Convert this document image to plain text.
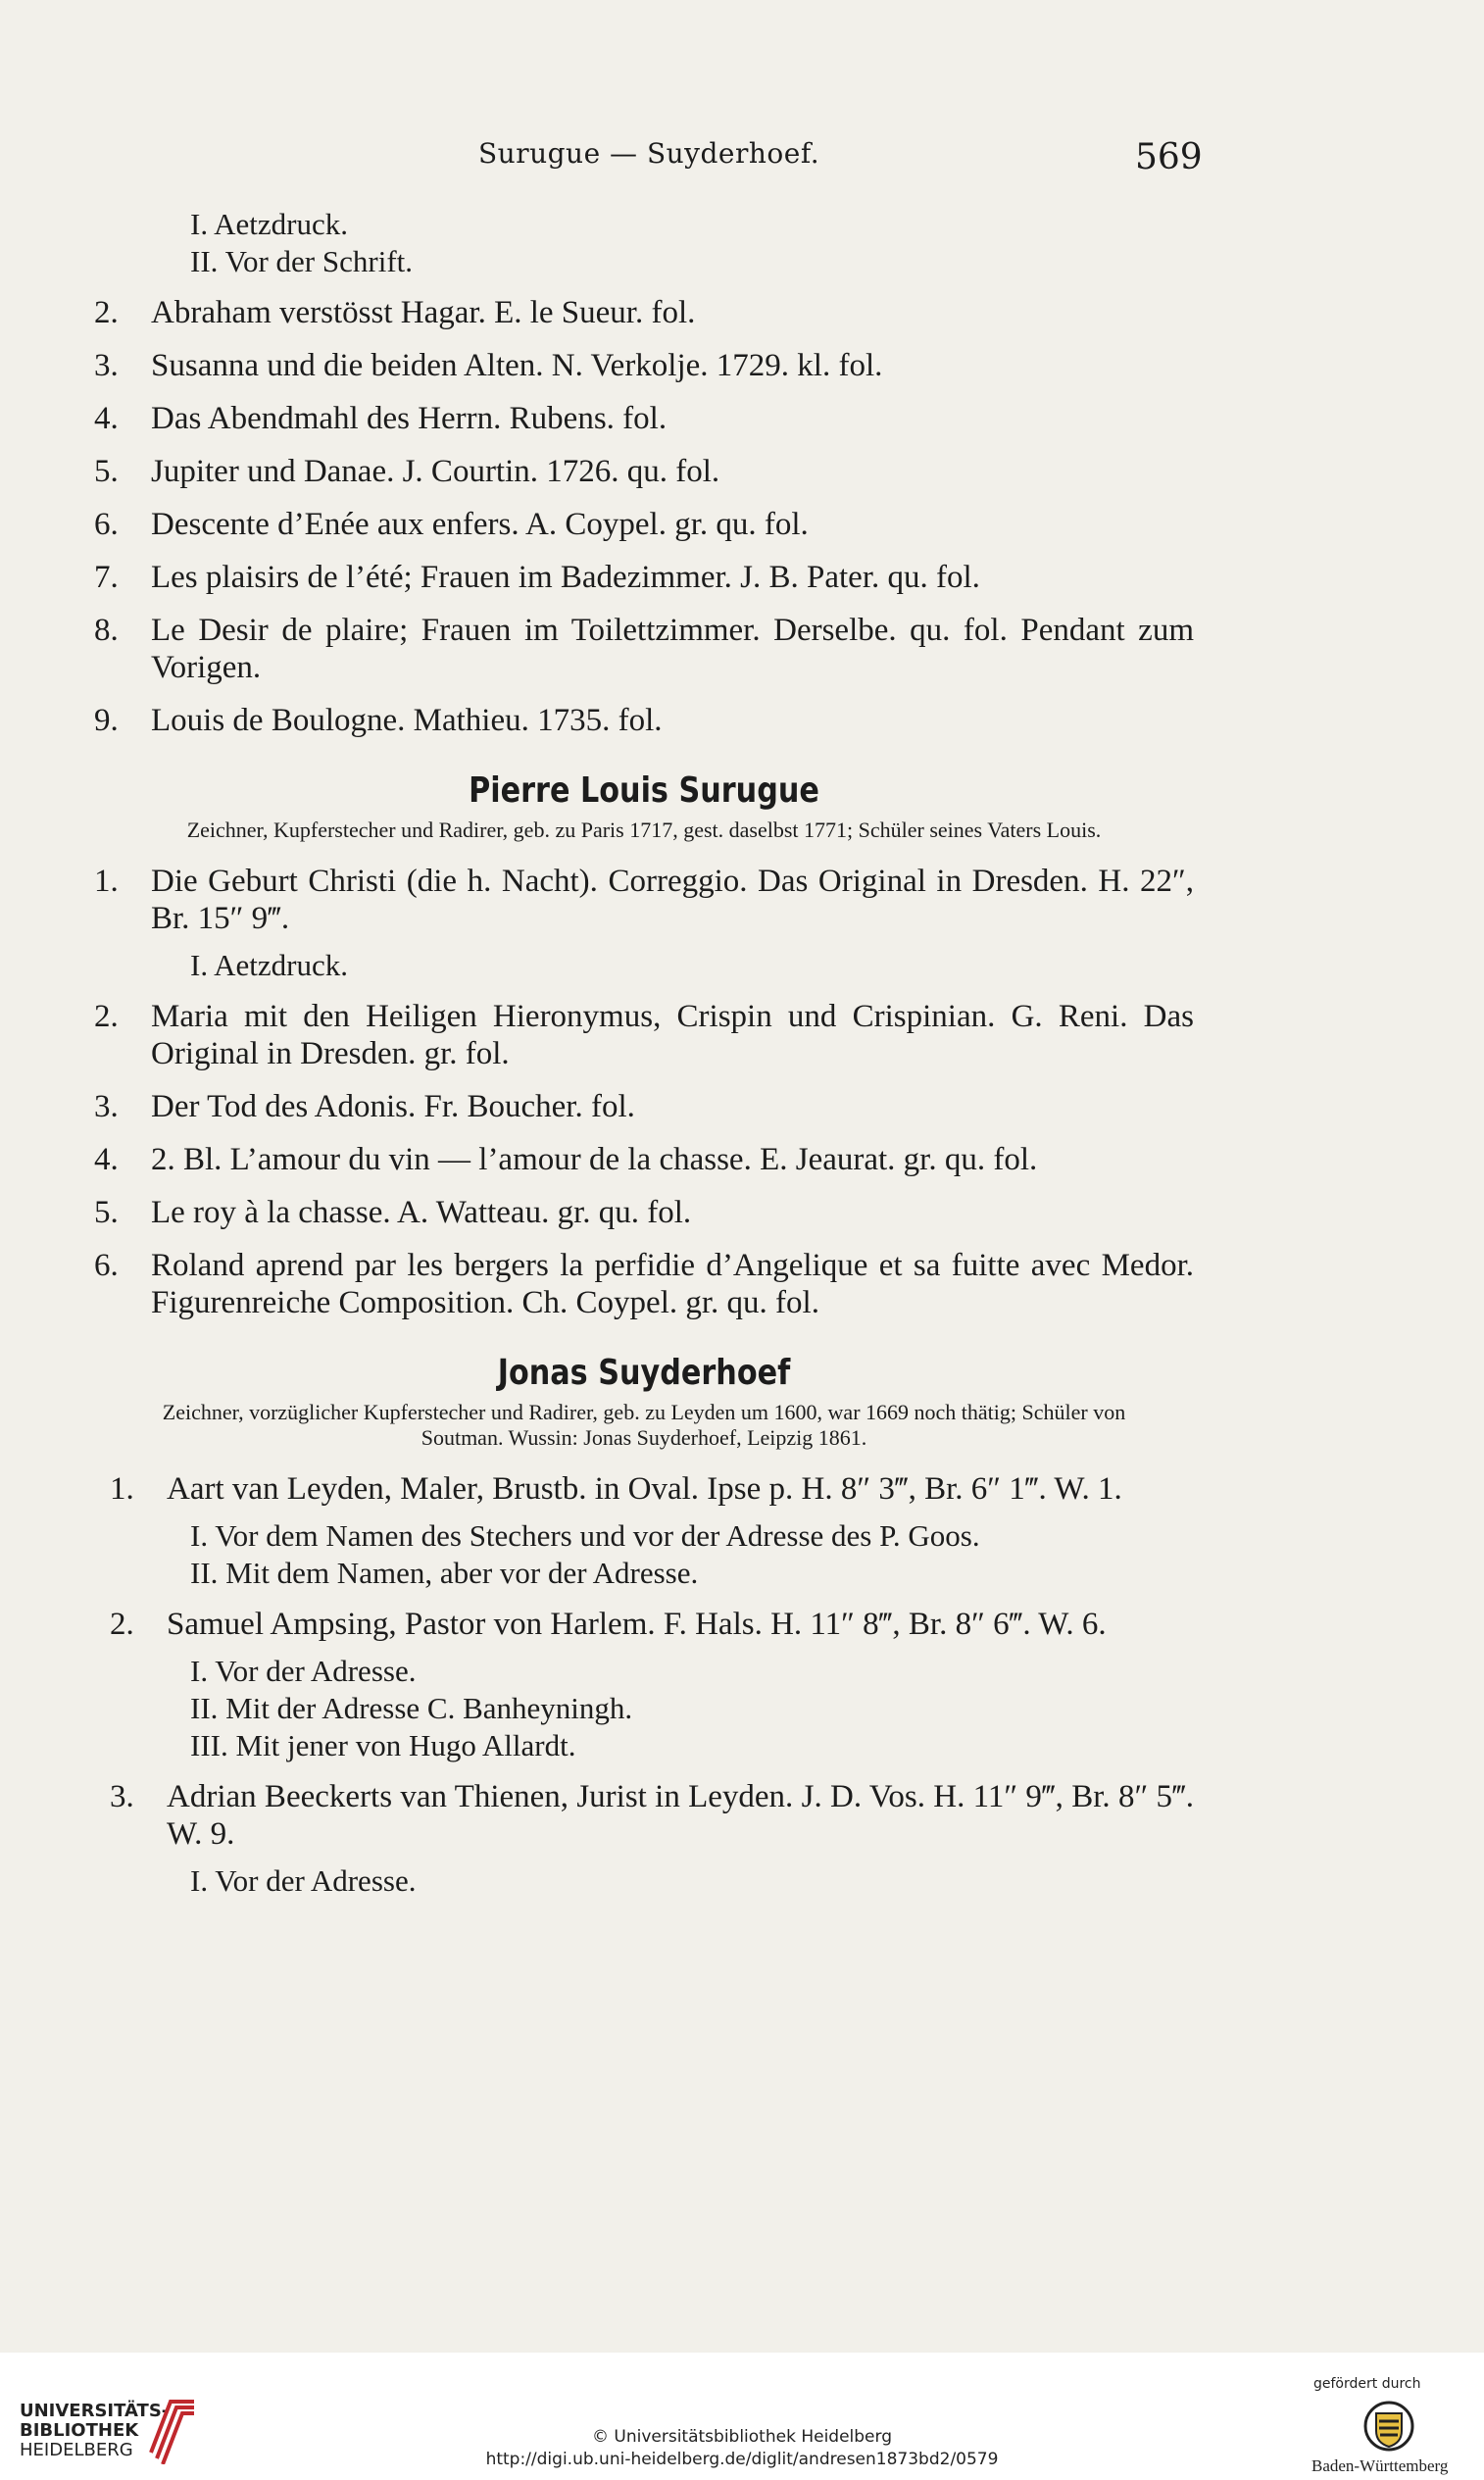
Surugue — Suyderhoef.	569
I. Aetzdruck.
II. Vor der Schrift.
2. Abraham verstösst Hagar. E. le Sueur. fol.
3. Susanna und die beiden Alten. N. Verkolje. 1729. kl. fol.
4. Das Abendmahl des Herrn. Rubens. fol.
5. Jupiter und Danae. J. Courtin. 1726. qu. fol.
6. Descente d’Enée aux enfers. A. Coypel. gr. qu. fol.
7. Les plaisirs de l’été; Frauen im Badezimmer. J. B. Pater. qu. fol.
8. Le Desir de plaire; Frauen im Toilettzimmer. Derselbe. qu. fol. Pendant zum Vorigen.
9. Louis de Boulogne. Mathieu. 1735. fol.
Pierre Louis Surugue
Zeichner, Kupferstecher und Radirer, geb. zu Paris 1717, gest. daselbst 1771; Schüler seines Vaters Louis.
1. Die Geburt Christi (die h. Nacht). Correggio. Das Original in Dresden. H. 22″, Br. 15″ 9‴.
I. Aetzdruck.
2. Maria mit den Heiligen Hieronymus, Crispin und Crispinian. G. Reni. Das Original in Dresden. gr. fol.
3. Der Tod des Adonis. Fr. Boucher. fol.
4. 2. Bl. L’amour du vin — l’amour de la chasse. E. Jeaurat. gr. qu. fol.
5. Le roy à la chasse. A. Watteau. gr. qu. fol.
6. Roland aprend par les bergers la perfidie d’Angelique et sa fuitte avec Medor. Figurenreiche Composition. Ch. Coypel. gr. qu. fol.
Jonas Suyderhoef
Zeichner, vorzüglicher Kupferstecher und Radirer, geb. zu Leyden um 1600, war 1669 noch thätig; Schüler von Soutman. Wussin: Jonas Suyderhoef, Leipzig 1861.
1. Aart van Leyden, Maler, Brustb. in Oval. Ipse p. H. 8″ 3‴, Br. 6″ 1‴. W. 1.
I. Vor dem Namen des Stechers und vor der Adresse des P. Goos.
II. Mit dem Namen, aber vor der Adresse.
2. Samuel Ampsing, Pastor von Harlem. F. Hals. H. 11″ 8‴, Br. 8″ 6‴. W. 6.
I. Vor der Adresse.
II. Mit der Adresse C. Banheyningh.
III. Mit jener von Hugo Allardt.
3. Adrian Beeckerts van Thienen, Jurist in Leyden. J. D. Vos. H. 11″ 9‴, Br. 8″ 5‴. W. 9.
I. Vor der Adresse.
UNIVERSITÄTS-
BIBLIOTHEK
HEIDELBERG
© Universitätsbibliothek Heidelberg
http://digi.ub.uni-heidelberg.de/diglit/andresen1873bd2/0579
gefördert durch
Baden-Württemberg
